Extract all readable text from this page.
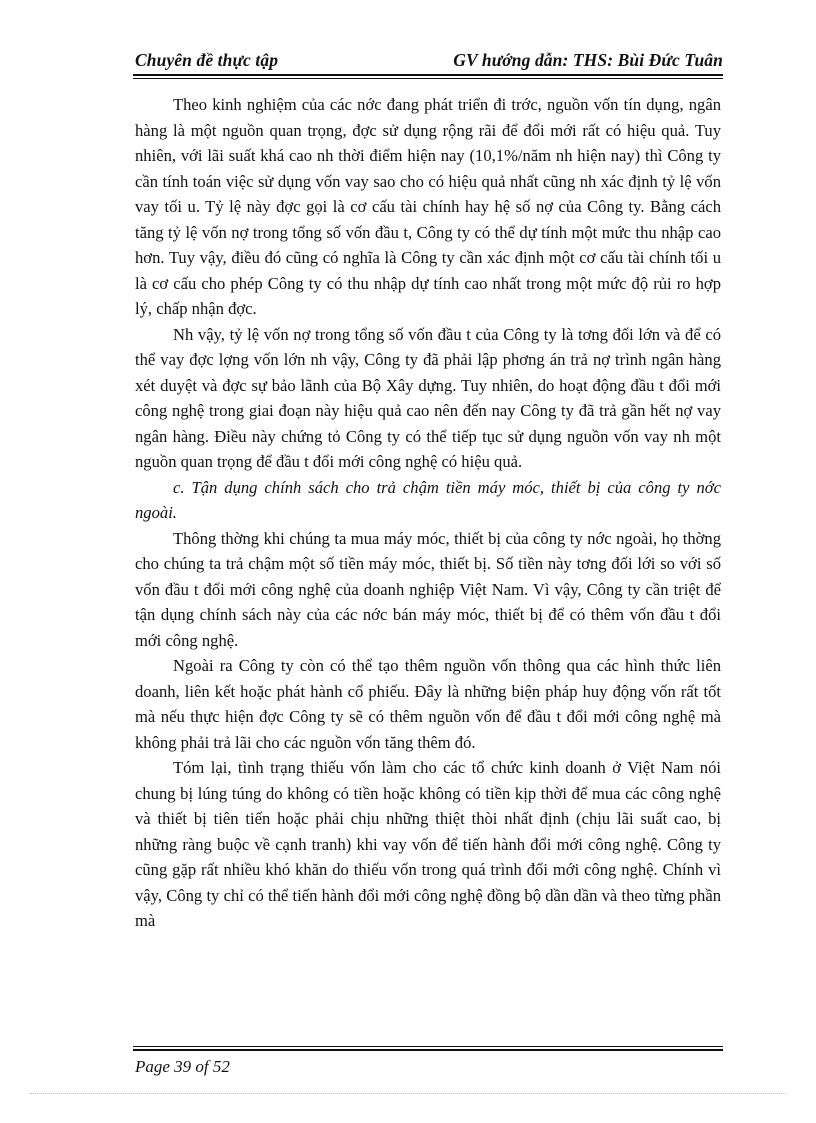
Chuyên đề thực tập	GV hướng dẫn: THS: Bùi Đức Tuân

Theo kinh nghiệm của các nớc đang phát triển đi trớc, nguồn vốn tín dụng, ngân hàng là một nguồn quan trọng, đợc sử dụng rộng rãi để đổi mới rất có hiệu quả. Tuy nhiên, với lãi suất khá cao nh thời điểm hiện nay (10,1%/năm nh hiện nay) thì Công ty cần tính toán việc sử dụng vốn vay sao cho có hiệu quả nhất cũng nh xác định tỷ lệ vốn vay tối u. Tỷ lệ này đợc gọi là cơ cấu tài chính hay hệ số nợ của Công ty. Bằng cách tăng tỷ lệ vốn nợ trong tổng số vốn đầu t, Công ty có thể dự tính một mức thu nhập cao hơn. Tuy vậy, điều đó cũng có nghĩa là Công ty cần xác định một cơ cấu tài chính tối u là cơ cấu cho phép Công ty có thu nhập dự tính cao nhất trong một mức độ rủi ro hợp lý, chấp nhận đợc.

Nh vậy, tỷ lệ vốn nợ trong tổng số vốn đầu t của Công ty là tơng đối lớn và để có thể vay đợc lợng vốn lớn nh vậy, Công ty đã phải lập phơng án trả nợ trình ngân hàng xét duyệt và đợc sự bảo lãnh của Bộ Xây dựng. Tuy nhiên, do hoạt động đầu t đổi mới công nghệ trong giai đoạn này hiệu quả cao nên đến nay Công ty đã trả gần hết nợ vay ngân hàng. Điều này chứng tỏ Công ty có thể tiếp tục sử dụng nguồn vốn vay nh một nguồn quan trọng để đầu t đổi mới công nghệ có hiệu quả.

c. Tận dụng chính sách cho trả chậm tiền máy móc, thiết bị của công ty nớc ngoài.

Thông thờng khi chúng ta mua máy móc, thiết bị của công ty nớc ngoài, họ thờng cho chúng ta trả chậm một số tiền máy móc, thiết bị. Số tiền này tơng đối lới so với số vốn đầu t đổi mới công nghệ của doanh nghiệp Việt Nam. Vì vậy, Công ty cần triệt để tận dụng chính sách này của các nớc bán máy móc, thiết bị để có thêm vốn đầu t đổi mới công nghệ.

Ngoài ra Công ty còn có thể tạo thêm nguồn vốn thông qua các hình thức liên doanh, liên kết hoặc phát hành cổ phiếu. Đây là những biện pháp huy động vốn rất tốt mà nếu thực hiện đợc Công ty sẽ có thêm nguồn vốn để đầu t đổi mới công nghệ mà không phải trả lãi cho các nguồn vốn tăng thêm đó.

Tóm lại, tình trạng thiếu vốn làm cho các tổ chức kinh doanh ở Việt Nam nói chung bị lúng túng do không có tiền hoặc không có tiền kịp thời để mua các công nghệ và thiết bị tiên tiến hoặc phải chịu những thiệt thòi nhất định (chịu lãi suất cao, bị những ràng buộc về cạnh tranh) khi vay vốn để tiến hành đổi mới công nghệ. Công ty cũng gặp rất nhiều khó khăn do thiếu vốn trong quá trình đổi mới công nghệ. Chính vì vậy, Công ty chỉ có thể tiến hành đổi mới công nghệ đồng bộ dần dần và theo từng phần mà

Page 39 of 52
